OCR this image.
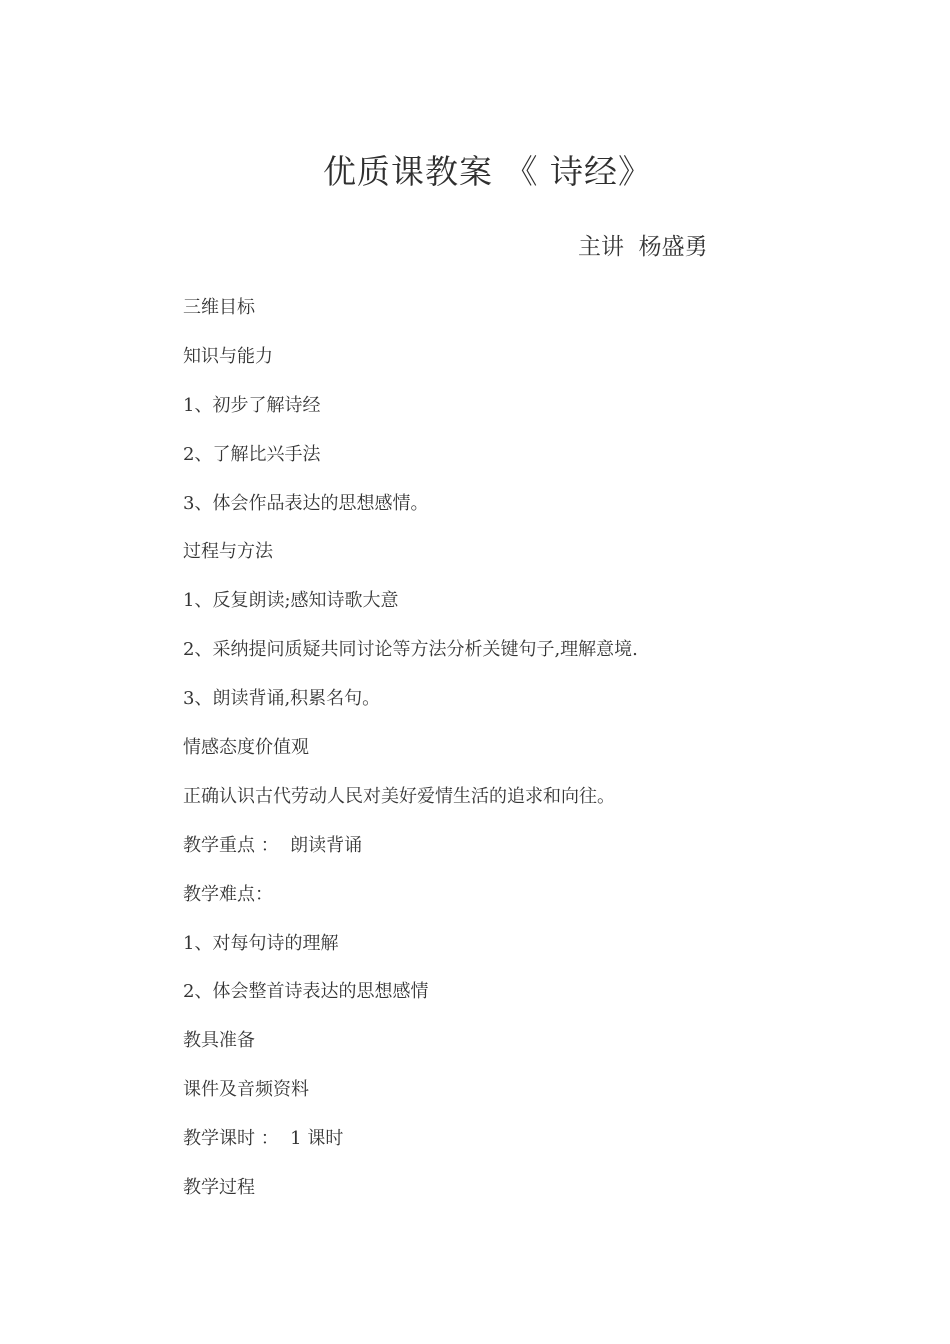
优质课教案 《 诗经》
主讲  杨盛勇
三维目标
知识与能力
1、初步了解诗经
2、了解比兴手法
3、体会作品表达的思想感情。
过程与方法
1、反复朗读;感知诗歌大意
2、采纳提问质疑共同讨论等方法分析关键句子,理解意境.
3、朗读背诵,积累名句。
情感态度价值观
正确认识古代劳动人民对美好爱情生活的追求和向往。
教学重点 ：  朗读背诵
教学难点：
1、对每句诗的理解
2、体会整首诗表达的思想感情
教具准备
课件及音频资料
教学课时 ：  1 课时
教学过程
